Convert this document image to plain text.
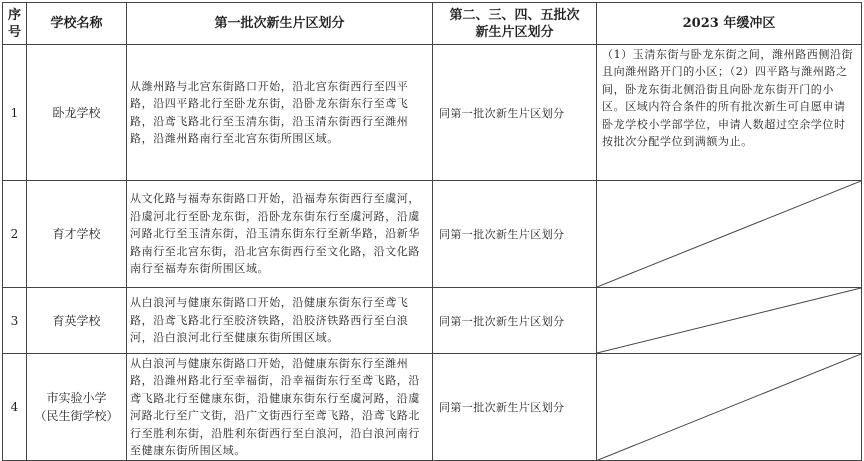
序号	学校名称	第一批次新生片区划分	第二、三、四、五批次
新生片区划分	2023 年缓冲区
1	卧龙学校	从潍州路与北宫东街路口开始，沿北宫东街西行至四平路，沿四平路北行至卧龙东街，沿卧龙东街东行至鸢飞路，沿鸢飞路北行至玉清东街，沿玉清东街西行至潍州路，沿潍州路南行至北宫东街所围区域。	同第一批次新生片区划分	（1）玉清东街与卧龙东街之间，潍州路西侧沿街且向潍州路开门的小区；（2）四平路与潍州路之间，卧龙东街北侧沿街且向卧龙东街开门的小区。区域内符合条件的所有批次新生可自愿申请卧龙学校小学部学位，申请人数超过空余学位时按批次分配学位到满额为止。
2	育才学校	从文化路与福寿东街路口开始，沿福寿东街西行至虞河，沿虞河北行至卧龙东街，沿卧龙东街东行至虞河路，沿虞河路北行至玉清东街，沿玉清东街东行至新华路，沿新华路南行至北宫东街，沿北宫东街西行至文化路，沿文化路南行至福寿东街所围区域。	同第一批次新生片区划分	

3	育英学校	从白浪河与健康东街路口开始，沿健康东街东行至鸢飞路，沿鸢飞路北行至胶济铁路，沿胶济铁路西行至白浪河，沿白浪河北行至健康东街所围区域。	同第一批次新生片区划分	

4	市实验小学
（民生街学校）	从白浪河与健康东街路口开始，沿健康东街东行至潍州路，沿潍州路北行至幸福街，沿幸福街东行至鸢飞路，沿鸢飞路北行至健康东街，沿健康东街东行至虞河路，沿虞河路北行至广文街，沿广文街西行至鸢飞路，沿鸢飞路北行至胜利东街，沿胜利东街西行至白浪河，沿白浪河南行至健康东街所围区域。	同第一批次新生片区划分	
